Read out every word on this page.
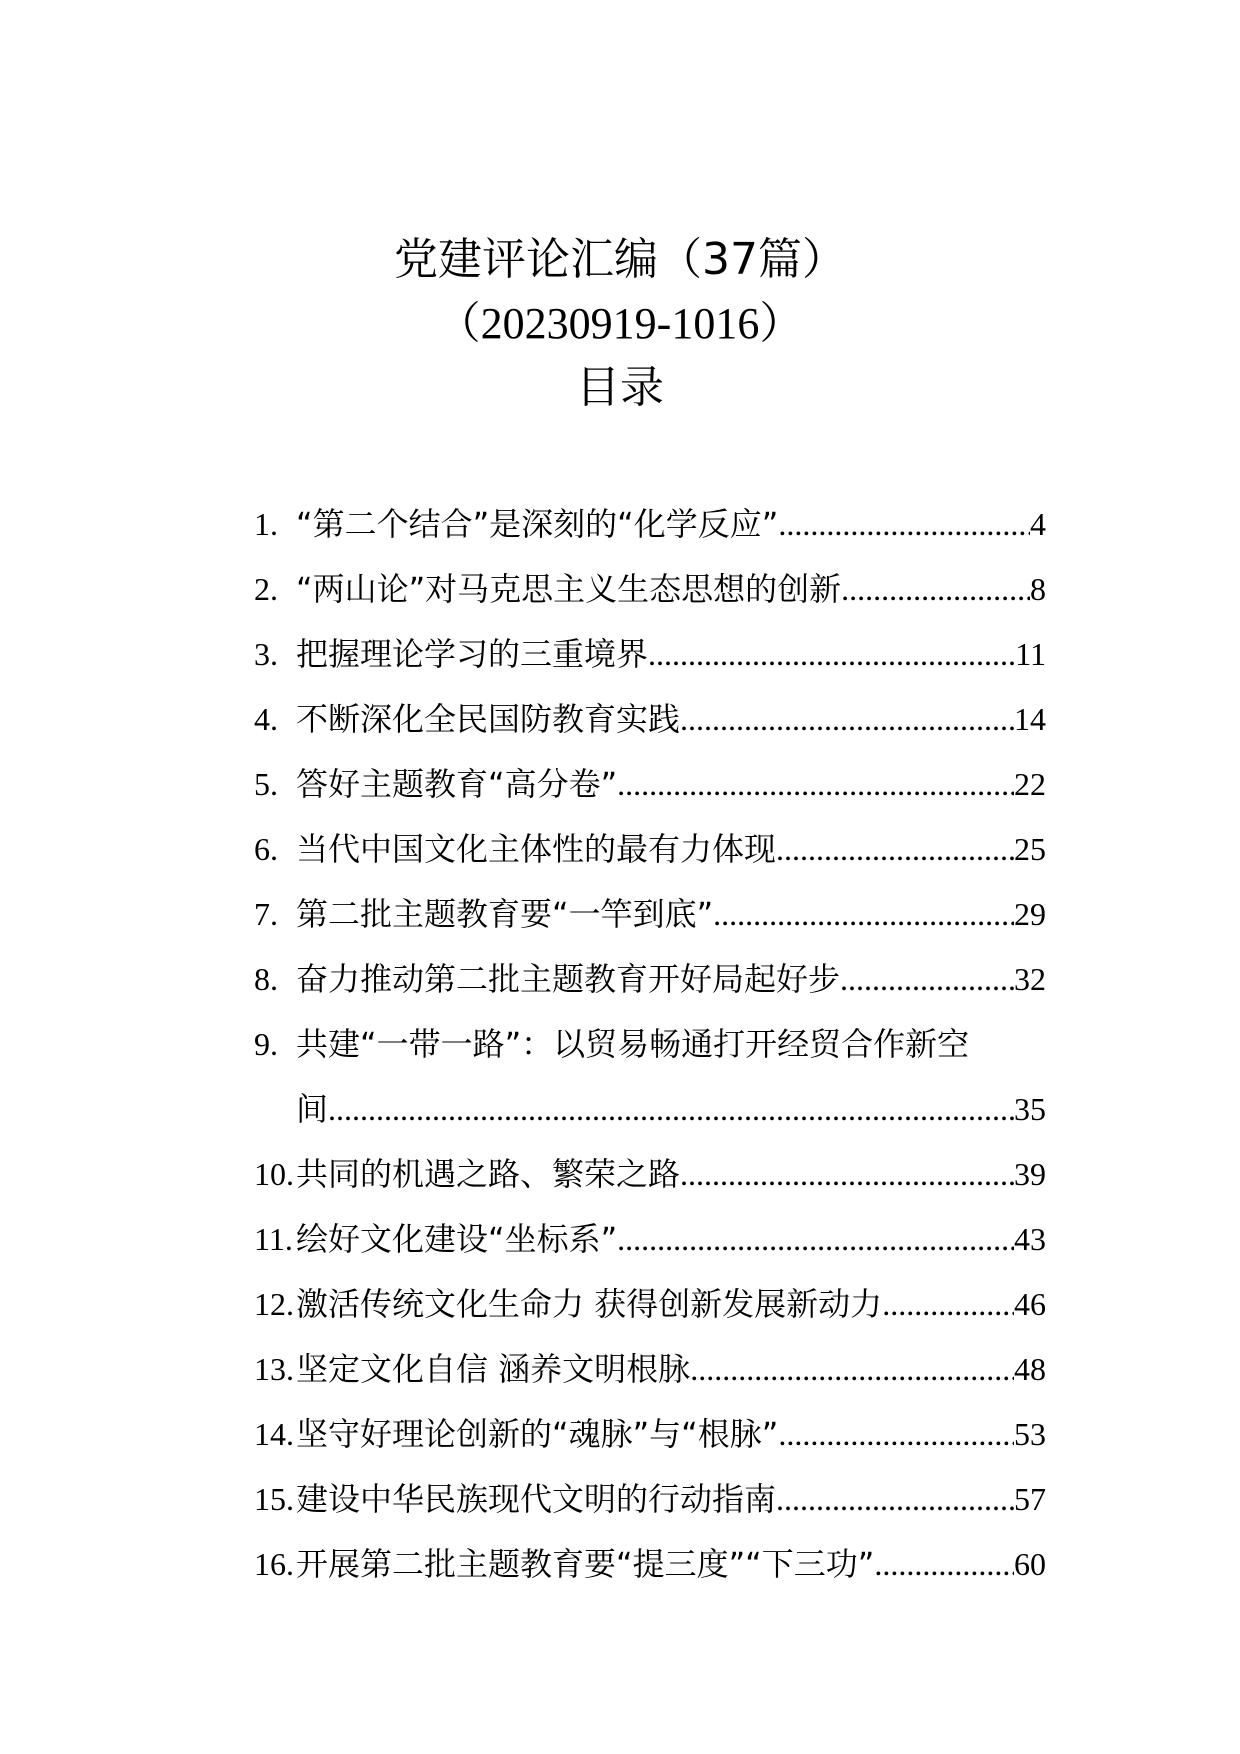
党建评论汇编（37篇）
（20230919-1016）
目录
1. “第二个结合”是深刻的“化学反应” .....	4
2. “两山论”对马克思主义生态思想的创新 .....	8
3. 把握理论学习的三重境界 .....	11
4. 不断深化全民国防教育实践 .....	14
5. 答好主题教育“高分卷” .....	22
6. 当代中国文化主体性的最有力体现 .....	25
7. 第二批主题教育要“一竿到底” .....	29
8. 奋力推动第二批主题教育开好局起好步 .....	32
9. 共建“一带一路”：以贸易畅通打开经贸合作新空
间 .....	35
10. 共同的机遇之路、繁荣之路 .....	39
11. 绘好文化建设“坐标系” .....	43
12. 激活传统文化生命力 获得创新发展新动力 .....	46
13. 坚定文化自信 涵养文明根脉 .....	48
14. 坚守好理论创新的“魂脉”与“根脉” .....	53
15. 建设中华民族现代文明的行动指南 .....	57
16. 开展第二批主题教育要“提三度”“下三功” .....	60
